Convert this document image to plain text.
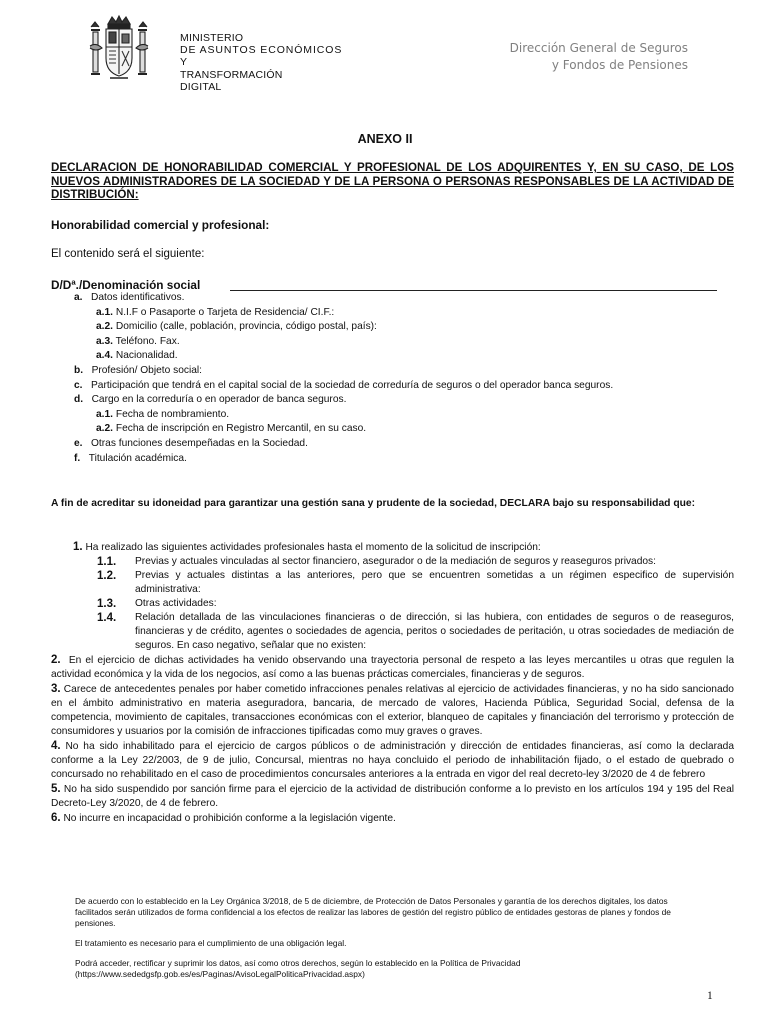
MINISTERIO
DE ASUNTOS ECONÓMICOS
Y TRANSFORMACIÓN
DIGITAL
Dirección General de Seguros
y Fondos de Pensiones
ANEXO II
DECLARACION DE HONORABILIDAD COMERCIAL Y PROFESIONAL DE LOS ADQUIRENTES Y, EN SU CASO, DE LOS NUEVOS ADMINISTRADORES DE LA SOCIEDAD Y DE LA PERSONA O PERSONAS RESPONSABLES DE LA ACTIVIDAD DE DISTRIBUCIÓN:
Honorabilidad comercial y profesional:
El contenido será el siguiente:
D/Dª./Denominación social
a. Datos identificativos.
a.1. N.I.F o Pasaporte o Tarjeta de Residencia/ CI.F.:
a.2. Domicilio (calle, población, provincia, código postal, país):
a.3. Teléfono. Fax.
a.4. Nacionalidad.
b. Profesión/ Objeto social:
c. Participación que tendrá en el capital social de la sociedad de correduría de seguros o del operador banca seguros.
d. Cargo en la correduría o en operador de banca seguros.
a.1. Fecha de nombramiento.
a.2. Fecha de inscripción en Registro Mercantil, en su caso.
e. Otras funciones desempeñadas en la Sociedad.
f. Titulación académica.
A fin de acreditar su idoneidad para garantizar una gestión sana y prudente de la sociedad, DECLARA bajo su responsabilidad que:
1. Ha realizado las siguientes actividades profesionales hasta el momento de la solicitud de inscripción:
1.1.	Previas y actuales vinculadas al sector financiero, asegurador o de la mediación de seguros y reaseguros privados:
1.2.	Previas y actuales distintas a las anteriores, pero que se encuentren sometidas a un régimen especifico de supervisión administrativa:
1.3.	Otras actividades:
1.4.	Relación detallada de las vinculaciones financieras o de dirección, si las hubiera, con entidades de seguros o de reaseguros, financieras y de crédito, agentes o sociedades de agencia, peritos o sociedades de peritación, u otras sociedades de mediación de seguros. En caso negativo, señalar que no existen:
2. En el ejercicio de dichas actividades ha venido observando una trayectoria personal de respeto a las leyes mercantiles u otras que regulen la actividad económica y la vida de los negocios, así como a las buenas prácticas comerciales, financieras y de seguros.
3. Carece de antecedentes penales por haber cometido infracciones penales relativas al ejercicio de actividades financieras, y no ha sido sancionado en el ámbito administrativo en materia aseguradora, bancaria, de mercado de valores, Hacienda Pública, Seguridad Social, defensa de la competencia, movimiento de capitales, transacciones económicas con el exterior, blanqueo de capitales y financiación del terrorismo y protección de consumidores y usuarios por la comisión de infracciones tipificadas como muy graves o graves.
4. No ha sido inhabilitado para el ejercicio de cargos públicos o de administración y dirección de entidades financieras, así como la declarada conforme a la Ley 22/2003, de 9 de julio, Concursal, mientras no haya concluido el periodo de inhabilitación fijado, o el estado de quebrado o concursado no rehabilitado en el caso de procedimientos concursales anteriores a la entrada en vigor del real decreto-ley 3/2020 de 4 de febrero
5. No ha sido suspendido por sanción firme para el ejercicio de la actividad de distribución conforme a lo previsto en los artículos 194 y 195 del Real Decreto-Ley 3/2020, de 4 de febrero.
6. No incurre en incapacidad o prohibición conforme a la legislación vigente.

De acuerdo con lo establecido en la Ley Orgánica 3/2018, de 5 de diciembre, de Protección de Datos Personales y garantía de los derechos digitales, los datos facilitados serán utilizados de forma confidencial a los efectos de realizar las labores de gestión del registro público de entidades gestoras de planes y fondos de pensiones.

El tratamiento es necesario para el cumplimiento de una obligación legal.

Podrá acceder, rectificar y suprimir los datos, así como otros derechos, según lo establecido en la Política de Privacidad (https://www.sededgsfp.gob.es/es/Paginas/AvisoLegalPoliticaPrivacidad.aspx)

1
